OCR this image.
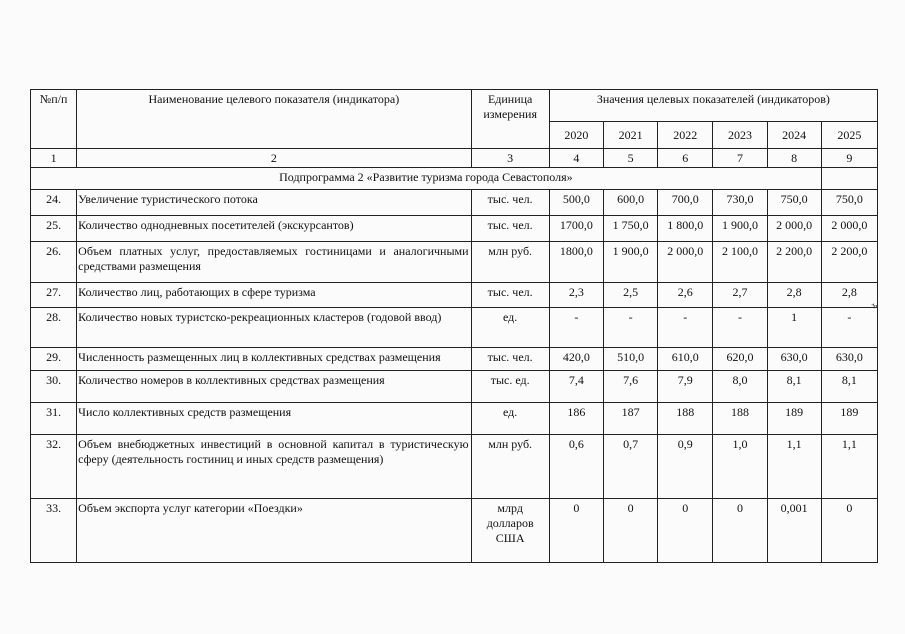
№п/п	Наименование целевого показателя (индикатора)	Единица измерения	Значения целевых показателей (индикаторов)					
			2020	2021	2022	2023	2024	2025
1	2	3	4	5	6	7	8	9
Подпрограмма 2 «Развитие туризма города Севастополя»								
24.	Увеличение туристического потока	тыс. чел.	500,0	600,0	700,0	730,0	750,0	750,0
25.	Количество однодневных посетителей (экскурсантов)	тыс. чел.	1700,0	1 750,0	1 800,0	1 900,0	2 000,0	2 000,0
26.	Объем платных услуг, предоставляемых гостиницами и аналогичными средствами размещения	млн руб.	1800,0	1 900,0	2 000,0	2 100,0	2 200,0	2 200,0
27.	Количество лиц, работающих в сфере туризма	тыс. чел.	2,3	2,5	2,6	2,7	2,8	2,8
28.	Количество новых туристско-рекреационных кластеров (годовой ввод)	ед.	-	-	-	-	1	-
29.	Численность размещенных лиц в коллективных средствах размещения	тыс. чел.	420,0	510,0	610,0	620,0	630,0	630,0
30.	Количество номеров в коллективных средствах размещения	тыс. ед.	7,4	7,6	7,9	8,0	8,1	8,1
31.	Число коллективных средств размещения	ед.	186	187	188	188	189	189
32.	Объем внебюджетных инвестиций в основной капитал в туристическую сферу (деятельность гостиниц и иных средств размещения)	млн руб.	0,6	0,7	0,9	1,0	1,1	1,1
33.	Объем экспорта услуг категории «Поездки»	млрд долларов США	0	0	0	0	0,001	0
ъ
